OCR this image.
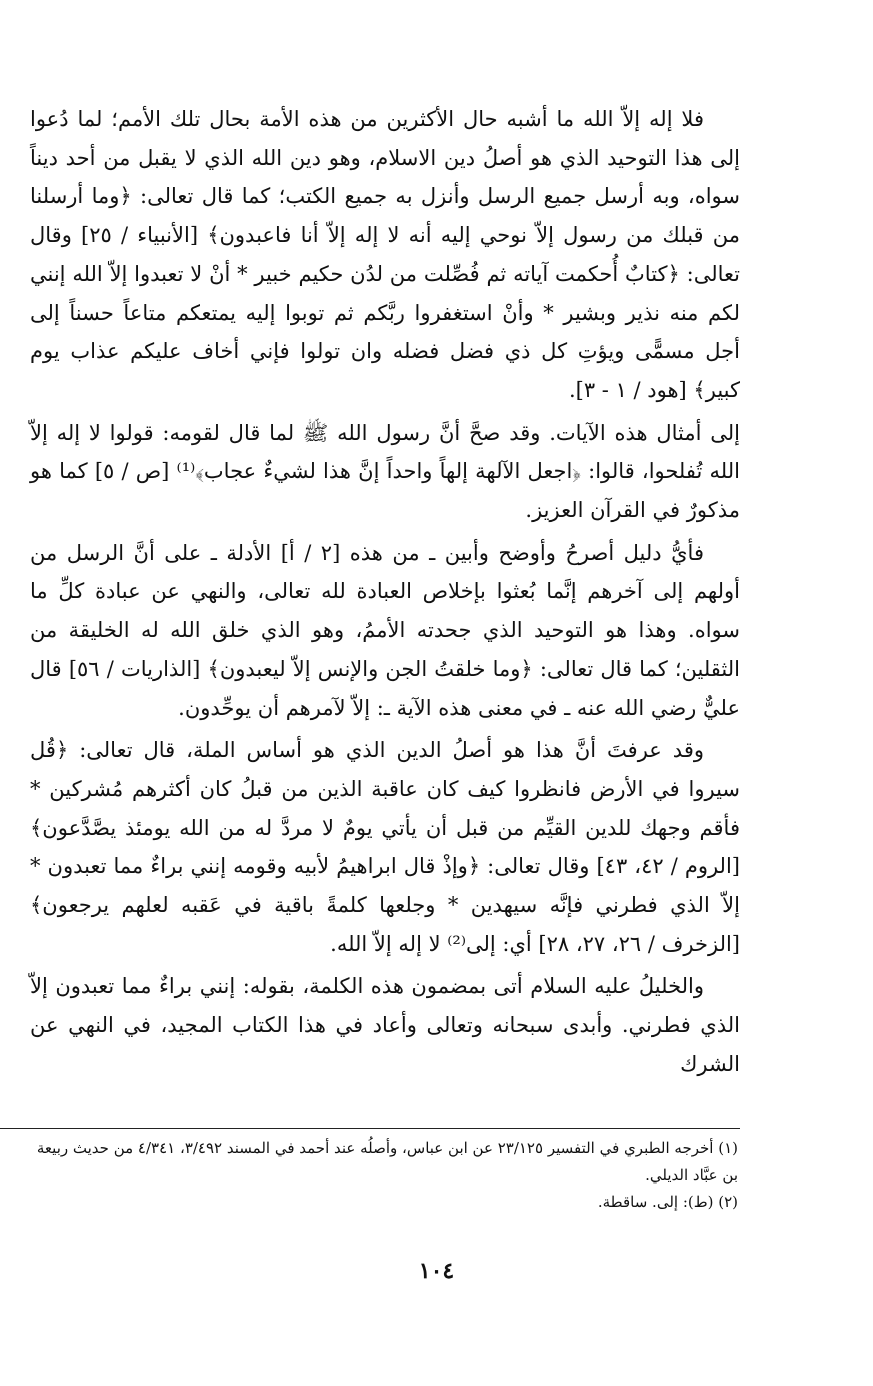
فلا إله إلاّ الله ما أشبه حال الأكثرين من هذه الأمة بحال تلك الأمم؛ لما دُعوا إلى هذا التوحيد الذي هو أصلُ دين الاسلام، وهو دين الله الذي لا يقبل من أحد ديناً سواه، وبه أرسل جميع الرسل وأنزل به جميع الكتب؛ كما قال تعالى: ﴿وما أرسلنا من قبلك من رسول إلاّ نوحي إليه أنه لا إله إلاّ أنا فاعبدون﴾ [الأنبياء / ٢٥] وقال تعالى: ﴿كتابٌ أُحكمت آياته ثم فُصِّلت من لدُن حكيم خبير * أنْ لا تعبدوا إلاّ الله إنني لكم منه نذير وبشير * وأنْ استغفروا ربَّكم ثم توبوا إليه يمتعكم متاعاً حسناً إلى أجل مسمًّى ويؤتِ كل ذي فضل فضله وان تولوا فإني أخاف عليكم عذاب يوم كبير﴾ [هود / ١ - ٣].

إلى أمثال هذه الآيات. وقد صحَّ أنَّ رسول الله ﷺ لما قال لقومه: قولوا لا إله إلاّ الله تُفلحوا، قالوا: ﴿اجعل الآلهة إلهاً واحداً إنَّ هذا لشيءٌ عجاب﴾⁽¹⁾ [ص / ٥] كما هو مذكورٌ في القرآن العزيز.

فأيُّ دليل أصرحُ وأوضح وأبين ـ من هذه [٢ / أ] الأدلة ـ على أنَّ الرسل من أولهم إلى آخرهم إنَّما بُعثوا بإخلاص العبادة لله تعالى، والنهي عن عبادة كلِّ ما سواه. وهذا هو التوحيد الذي جحدته الأممُ، وهو الذي خلق الله له الخليقة من الثقلين؛ كما قال تعالى: ﴿وما خلقتُ الجن والإنس إلاّ ليعبدون﴾ [الذاريات / ٥٦] قال عليٌّ رضي الله عنه ـ في معنى هذه الآية ـ: إلاّ لآمرهم أن يوحِّدون.

وقد عرفتَ أنَّ هذا هو أصلُ الدين الذي هو أساس الملة، قال تعالى: ﴿قُل سيروا في الأرض فانظروا كيف كان عاقبة الذين من قبلُ كان أكثرهم مُشركين * فأقم وجهك للدين القيِّم من قبل أن يأتي يومٌ لا مردَّ له من الله يومئذ يصَّدَّعون﴾ [الروم / ٤٢، ٤٣] وقال تعالى: ﴿وإذْ قال ابراهيمُ لأبيه وقومه إنني براءٌ مما تعبدون * إلاّ الذي فطرني فإنَّه سيهدين * وجلعها كلمةً باقية في عَقبه لعلهم يرجعون﴾ [الزخرف / ٢٦، ٢٧، ٢٨] أي: إلى⁽²⁾ لا إله إلاّ الله.

والخليلُ عليه السلام أتى بمضمون هذه الكلمة، بقوله: إنني براءٌ مما تعبدون إلاّ الذي فطرني. وأبدى سبحانه وتعالى وأعاد في هذا الكتاب المجيد، في النهي عن الشرك

(١) أخرجه الطبري في التفسير ٢٣/١٢٥ عن ابن عباس، وأصلُه عند أحمد في المسند ٣/٤٩٢، ٤/٣٤١ من حديث ربيعة بن عبَّاد الديلي.

(٢) (ط): إلى. ساقطة.

١٠٤
